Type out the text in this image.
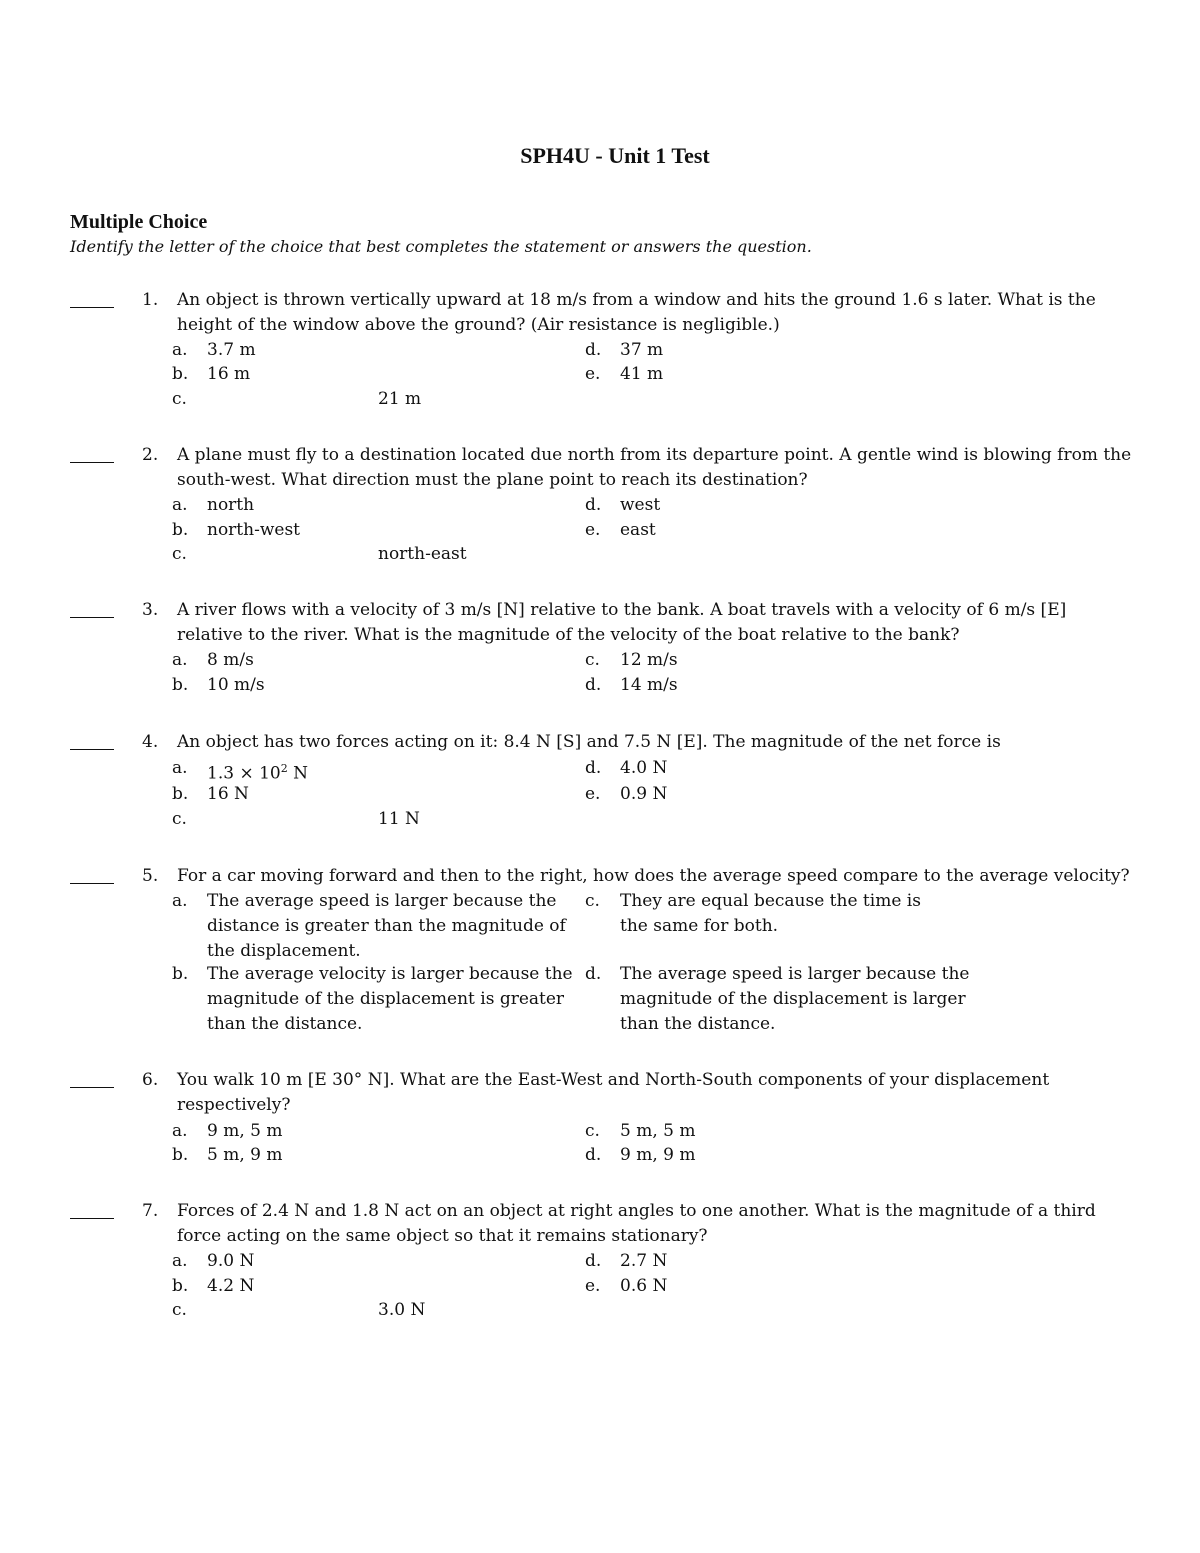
SPH4U - Unit 1 Test
Multiple Choice

Identify the letter of the choice that best completes the statement or answers the question.

1. An object is thrown vertically upward at 18 m/s from a window and hits the ground 1.6 s later. What is the height of the window above the ground? (Air resistance is negligible.)

a. 3.7 m
b. 16 m
c.	21 m
d. 37 m
e. 41 m
2. A plane must fly to a destination located due north from its departure point. A gentle wind is blowing from the south-west. What direction must the plane point to reach its destination?

a. north
b. north-west
c.	north-east
d. west
e. east
3. A river flows with a velocity of 3 m/s [N] relative to the bank. A boat travels with a velocity of 6 m/s [E] relative to the river. What is the magnitude of the velocity of the boat relative to the bank?

a. 8 m/s
b. 10 m/s
c. 12 m/s
d. 14 m/s
4. An object has two forces acting on it: 8.4 N [S] and 7.5 N [E]. The magnitude of the net force is

a. $1.3 \times 10^2$ N
b. 16 N
c.	11 N
d. 4.0 N
e. 0.9 N
5. For a car moving forward and then to the right, how does the average speed compare to the average velocity?

a. The average speed is larger because the distance is greater than the magnitude of the displacement.
b. The average velocity is larger because the magnitude of the displacement is greater than the distance.
c. They are equal because the time is the same for both.
d. The average speed is larger because the magnitude of the displacement is larger than the distance.
6. You walk 10 m [E 30° N]. What are the East-West and North-South components of your displacement respectively?

a. 9 m, 5 m
b. 5 m, 9 m
c. 5 m, 5 m
d. 9 m, 9 m
7. Forces of 2.4 N and 1.8 N act on an object at right angles to one another. What is the magnitude of a third force acting on the same object so that it remains stationary?

a. 9.0 N
b. 4.2 N
c.	3.0 N
d. 2.7 N
e. 0.6 N
